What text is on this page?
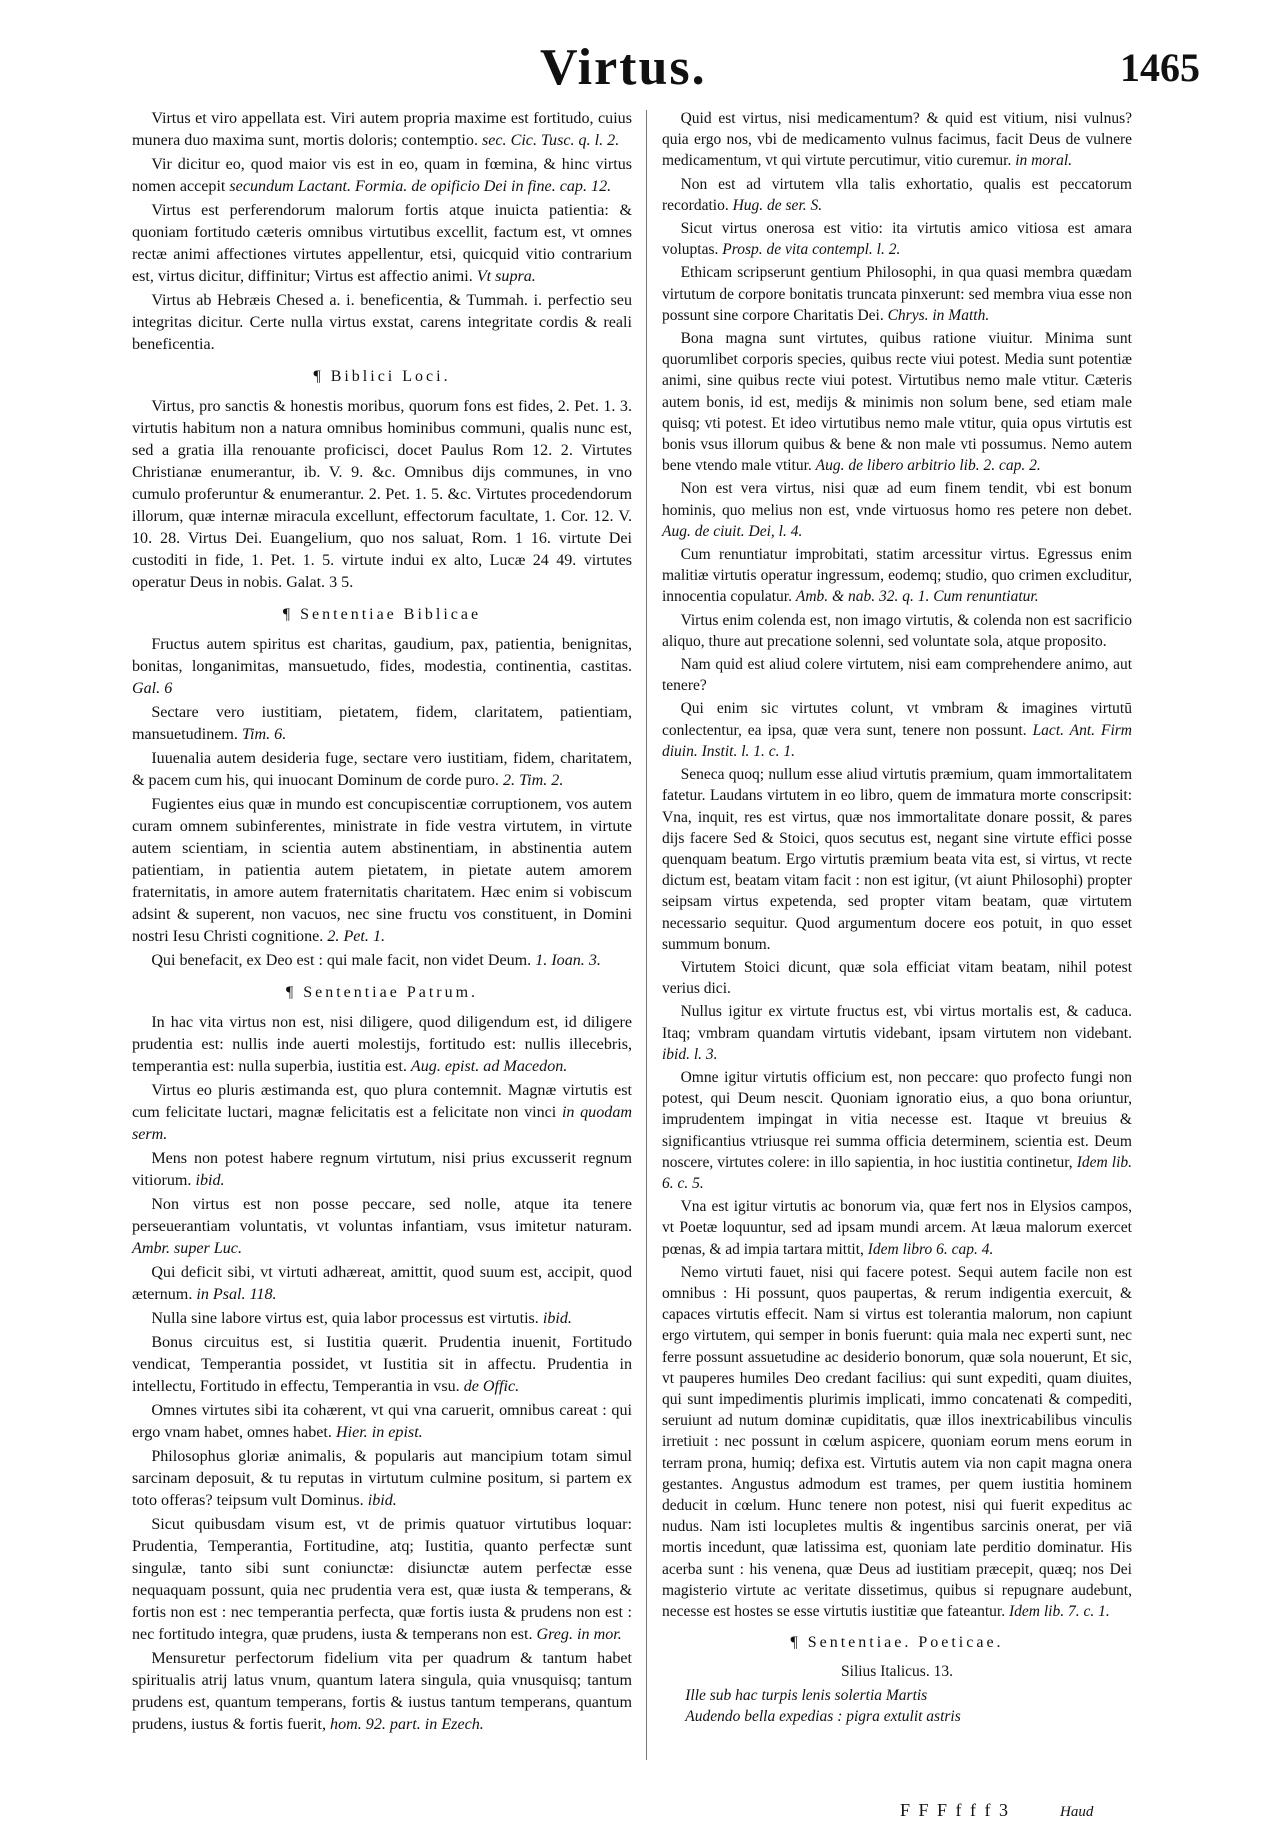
Virtus.	1465

Virtus et viro appellata est. Viri autem propria maxime est fortitudo, cuius munera duo maxima sunt, mortis doloris; contemptio. sec. Cic. Tusc. q. l. 2.

Vir dicitur eo, quod maior vis est in eo, quam in fœmina, & hinc virtus nomen accepit secundum Lactant. Formia. de opificio Dei in fine. cap. 12.

Virtus est perferendorum malorum fortis atque inuicta patientia: & quoniam fortitudo cæteris omnibus virtutibus excellit, factum est, vt omnes rectæ animi affectiones virtutes appellentur, etsi, quicquid vitio contrarium est, virtus dicitur, diffinitur; Virtus est affectio animi. Vt supra.

Virtus ab Hebræis Chesed a. i. beneficentia, & Tummah. i. perfectio seu integritas dicitur. Certe nulla virtus exstat, carens integritate cordis & reali beneficentia.

¶ Biblici Loci.

Virtus, pro sanctis & honestis moribus, quorum fons est fides, 2. Pet. 1. 3. virtutis habitum non a natura omnibus hominibus communi, qualis nunc est, sed a gratia illa renouante proficisci, docet Paulus Rom 12. 2. Virtutes Christianæ enumerantur, ib. V. 9. &c. Omnibus dijs communes, in vno cumulo proferuntur & enumerantur. 2. Pet. 1. 5. &c. Virtutes procedendorum illorum, quæ internæ miracula excellunt, effectorum facultate, 1. Cor. 12. V. 10. 28. Virtus Dei. Euangelium, quo nos saluat, Rom. 1 16. virtute Dei custoditi in fide, 1. Pet. 1. 5. virtute indui ex alto, Lucæ 24 49. virtutes operatur Deus in nobis. Galat. 3 5.

¶ Sententiae Biblicae

Fructus autem spiritus est charitas, gaudium, pax, patientia, benignitas, bonitas, longanimitas, mansuetudo, fides, modestia, continentia, castitas. Gal. 6

Sectare vero iustitiam, pietatem, fidem, claritatem, patientiam, mansuetudinem. Tim. 6.

Iuuenalia autem desideria fuge, sectare vero iustitiam, fidem, charitatem, & pacem cum his, qui inuocant Dominum de corde puro. 2. Tim. 2.

Fugientes eius quæ in mundo est concupiscentiæ corruptionem, vos autem curam omnem subinferentes, ministrate in fide vestra virtutem, in virtute autem scientiam, in scientia autem abstinentiam, in abstinentia autem patientiam, in patientia autem pietatem, in pietate autem amorem fraternitatis, in amore autem fraternitatis charitatem. Hæc enim si vobiscum adsint & superent, non vacuos, nec sine fructu vos constituent, in Domini nostri Iesu Christi cognitione. 2. Pet. 1.

Qui benefacit, ex Deo est : qui male facit, non videt Deum. 1. Ioan. 3.

¶ Sententiae Patrum.

In hac vita virtus non est, nisi diligere, quod diligendum est, id diligere prudentia est: nullis inde auerti molestijs, fortitudo est: nullis illecebris, temperantia est: nulla superbia, iustitia est. Aug. epist. ad Macedon.

Virtus eo pluris æstimanda est, quo plura contemnit. Magnæ virtutis est cum felicitate luctari, magnæ felicitatis est a felicitate non vinci in quodam serm.

Mens non potest habere regnum virtutum, nisi prius excusserit regnum vitiorum. ibid.

Non virtus est non posse peccare, sed nolle, atque ita tenere perseuerantiam voluntatis, vt voluntas infantiam, vsus imitetur naturam. Ambr. super Luc.

Qui deficit sibi, vt virtuti adhæreat, amittit, quod suum est, accipit, quod æternum. in Psal. 118.

Nulla sine labore virtus est, quia labor processus est virtutis. ibid.

Bonus circuitus est, si Iustitia quærit. Prudentia inuenit, Fortitudo vendicat, Temperantia possidet, vt Iustitia sit in affectu. Prudentia in intellectu, Fortitudo in effectu, Temperantia in vsu. de Offic.

Omnes virtutes sibi ita cohærent, vt qui vna caruerit, omnibus careat : qui ergo vnam habet, omnes habet. Hier. in epist.

Philosophus gloriæ animalis, & popularis aut mancipium totam simul sarcinam deposuit, & tu reputas in virtutum culmine positum, si partem ex toto offeras? teipsum vult Dominus. ibid.

Sicut quibusdam visum est, vt de primis quatuor virtutibus loquar: Prudentia, Temperantia, Fortitudine, atq; Iustitia, quanto perfectæ sunt singulæ, tanto sibi sunt coniunctæ: disiunctæ autem perfectæ esse nequaquam possunt, quia nec prudentia vera est, quæ iusta & temperans, & fortis non est : nec temperantia perfecta, quæ fortis iusta & prudens non est : nec fortitudo integra, quæ prudens, iusta & temperans non est. Greg. in mor.

Mensuretur perfectorum fidelium vita per quadrum & tantum habet spiritualis atrij latus vnum, quantum latera singula, quia vnusquisq; tantum prudens est, quantum temperans, fortis & iustus tantum temperans, quantum prudens, iustus & fortis fuerit, hom. 92. part. in Ezech.

Quid est virtus, nisi medicamentum? & quid est vitium, nisi vulnus? quia ergo nos, vbi de medicamento vulnus facimus, facit Deus de vulnere medicamentum, vt qui virtute percutimur, vitio curemur. in moral.

Non est ad virtutem vlla talis exhortatio, qualis est peccatorum recordatio. Hug. de ser. S.

Sicut virtus onerosa est vitio: ita virtutis amico vitiosa est amara voluptas. Prosp. de vita contempl. l. 2.

Ethicam scripserunt gentium Philosophi, in qua quasi membra quædam virtutum de corpore bonitatis truncata pinxerunt: sed membra viua esse non possunt sine corpore Charitatis Dei. Chrys. in Matth.

Bona magna sunt virtutes, quibus ratione viuitur. Minima sunt quorumlibet corporis species, quibus recte viui potest. Media sunt potentiæ animi, sine quibus recte viui potest. Virtutibus nemo male vtitur. Cæteris autem bonis, id est, medijs & minimis non solum bene, sed etiam male quisq; vti potest. Et ideo virtutibus nemo male vtitur, quia opus virtutis est bonis vsus illorum quibus & bene & non male vti possumus. Nemo autem bene vtendo male vtitur. Aug. de libero arbitrio lib. 2. cap. 2.

Non est vera virtus, nisi quæ ad eum finem tendit, vbi est bonum hominis, quo melius non est, vnde virtuosus homo res petere non debet. Aug. de ciuit. Dei, l. 4.

Cum renuntiatur improbitati, statim arcessitur virtus. Egressus enim malitiæ virtutis operatur ingressum, eodemq; studio, quo crimen excluditur, innocentia copulatur. Amb. & nab. 32. q. 1. Cum renuntiatur.

Virtus enim colenda est, non imago virtutis, & colenda non est sacrificio aliquo, thure aut precatione solenni, sed voluntate sola, atque proposito.

Nam quid est aliud colere virtutem, nisi eam comprehendere animo, aut tenere?

Qui enim sic virtutes colunt, vt vmbram & imagines virtutū conlectentur, ea ipsa, quæ vera sunt, tenere non possunt. Lact. Ant. Firm diuin. Instit. l. 1. c. 1.

Seneca quoq; nullum esse aliud virtutis præmium, quam immortalitatem fatetur. Laudans virtutem in eo libro, quem de immatura morte conscripsit: Vna, inquit, res est virtus, quæ nos immortalitate donare possit, & pares dijs facere Sed & Stoici, quos secutus est, negant sine virtute effici posse quenquam beatum. Ergo virtutis præmium beata vita est, si virtus, vt recte dictum est, beatam vitam facit : non est igitur, (vt aiunt Philosophi) propter seipsam virtus expetenda, sed propter vitam beatam, quæ virtutem necessario sequitur. Quod argumentum docere eos potuit, in quo esset summum bonum.

Virtutem Stoici dicunt, quæ sola efficiat vitam beatam, nihil potest verius dici.

Nullus igitur ex virtute fructus est, vbi virtus mortalis est, & caduca. Itaq; vmbram quandam virtutis videbant, ipsam virtutem non videbant. ibid. l. 3.

Omne igitur virtutis officium est, non peccare: quo profecto fungi non potest, qui Deum nescit. Quoniam ignoratio eius, a quo bona oriuntur, imprudentem impingat in vitia necesse est. Itaque vt breuius & significantius vtriusque rei summa officia determinem, scientia est. Deum noscere, virtutes colere: in illo sapientia, in hoc iustitia continetur, Idem lib. 6. c. 5.

Vna est igitur virtutis ac bonorum via, quæ fert nos in Elysios campos, vt Poetæ loquuntur, sed ad ipsam mundi arcem. At læua malorum exercet pœnas, & ad impia tartara mittit, Idem libro 6. cap. 4.

Nemo virtuti fauet, nisi qui facere potest. Sequi autem facile non est omnibus : Hi possunt, quos paupertas, & rerum indigentia exercuit, & capaces virtutis effecit. Nam si virtus est tolerantia malorum, non capiunt ergo virtutem, qui semper in bonis fuerunt: quia mala nec experti sunt, nec ferre possunt assuetudine ac desiderio bonorum, quæ sola nouerunt, Et sic, vt pauperes humiles Deo credant facilius: qui sunt expediti, quam diuites, qui sunt impedimentis plurimis implicati, immo concatenati & compediti, seruiunt ad nutum dominæ cupiditatis, quæ illos inextricabilibus vinculis irretiuit : nec possunt in cœlum aspicere, quoniam eorum mens eorum in terram prona, humiq; defixa est. Virtutis autem via non capit magna onera gestantes. Angustus admodum est trames, per quem iustitia hominem deducit in cœlum. Hunc tenere non potest, nisi qui fuerit expeditus ac nudus. Nam isti locupletes multis & ingentibus sarcinis onerat, per viā mortis incedunt, quæ latissima est, quoniam late perditio dominatur. His acerba sunt : his venena, quæ Deus ad iustitiam præcepit, quæq; nos Dei magisterio virtute ac veritate dissetimus, quibus si repugnare audebunt, necesse est hostes se esse virtutis iustitiæ que fateantur. Idem lib. 7. c. 1.

¶ Sententiae. Poeticae.

Silius Italicus. 13.

Ille sub hac turpis lenis solertia Martis

Audendo bella expedias : pigra extulit astris

F F F f f f 3	Haud
